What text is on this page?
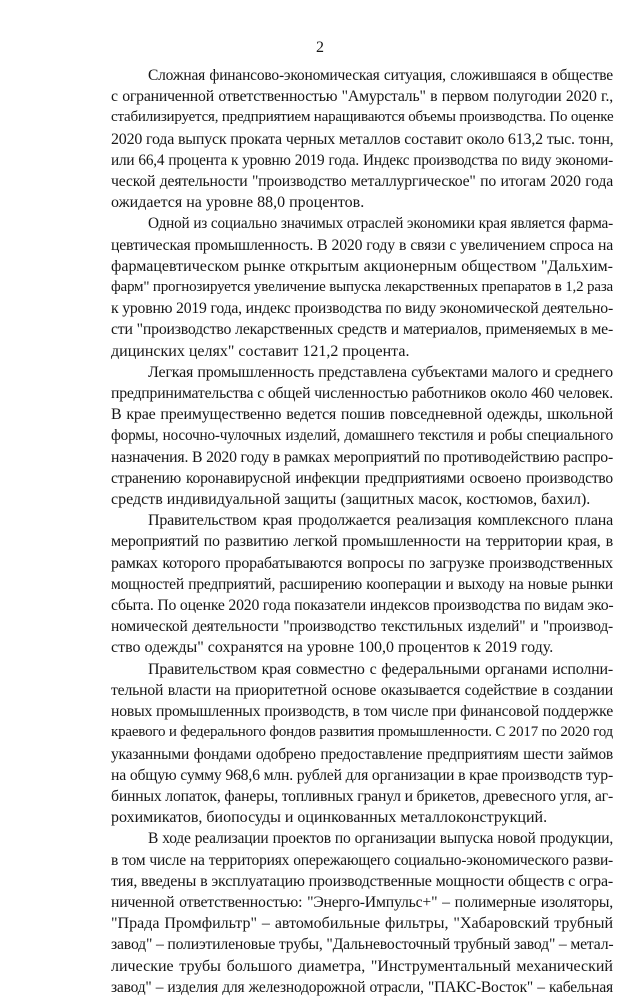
2

Сложная финансово-экономическая ситуация, сложившаяся в обществе
с ограниченной ответственностью "Амурсталь" в первом полугодии 2020 г.,
стабилизируется, предприятием наращиваются объемы производства. По оценке
2020 года выпуск проката черных металлов составит около 613,2 тыс. тонн,
или 66,4 процента к уровню 2019 года. Индекс производства по виду экономи-
ческой деятельности "производство металлургическое" по итогам 2020 года
ожидается на уровне 88,0 процентов.

Одной из социально значимых отраслей экономики края является фарма-
цевтическая промышленность. В 2020 году в связи с увеличением спроса на
фармацевтическом рынке открытым акционерным обществом "Дальхим-
фарм" прогнозируется увеличение выпуска лекарственных препаратов в 1,2 раза
к уровню 2019 года, индекс производства по виду экономической деятельно-
сти "производство лекарственных средств и материалов, применяемых в ме-
дицинских целях" составит 121,2 процента.

Легкая промышленность представлена субъектами малого и среднего
предпринимательства с общей численностью работников около 460 человек.
В крае преимущественно ведется пошив повседневной одежды, школьной
формы, носочно-чулочных изделий, домашнего текстиля и робы специального
назначения. В 2020 году в рамках мероприятий по противодействию распро-
странению коронавирусной инфекции предприятиями освоено производство
средств индивидуальной защиты (защитных масок, костюмов, бахил).

Правительством края продолжается реализация комплексного плана
мероприятий по развитию легкой промышленности на территории края, в
рамках которого прорабатываются вопросы по загрузке производственных
мощностей предприятий, расширению кооперации и выходу на новые рынки
сбыта. По оценке 2020 года показатели индексов производства по видам эко-
номической деятельности "производство текстильных изделий" и "производ-
ство одежды" сохранятся на уровне 100,0 процентов к 2019 году.

Правительством края совместно с федеральными органами исполни-
тельной власти на приоритетной основе оказывается содействие в создании
новых промышленных производств, в том числе при финансовой поддержке
краевого и федерального фондов развития промышленности. С 2017 по 2020 год
указанными фондами одобрено предоставление предприятиям шести займов
на общую сумму 968,6 млн. рублей для организации в крае производств тур-
бинных лопаток, фанеры, топливных гранул и брикетов, древесного угля, аг-
рохимикатов, биопосуды и оцинкованных металлоконструкций.

В ходе реализации проектов по организации выпуска новой продукции,
в том числе на территориях опережающего социально-экономического разви-
тия, введены в эксплуатацию производственные мощности обществ с огра-
ниченной ответственностью: "Энерго-Импульс+" – полимерные изоляторы,
"Прада Промфильтр" – автомобильные фильтры, "Хабаровский трубный
завод" – полиэтиленовые трубы, "Дальневосточный трубный завод" – метал-
лические трубы большого диаметра, "Инструментальный механический
завод" – изделия для железнодорожной отрасли, "ПАКС-Восток" – кабельная
